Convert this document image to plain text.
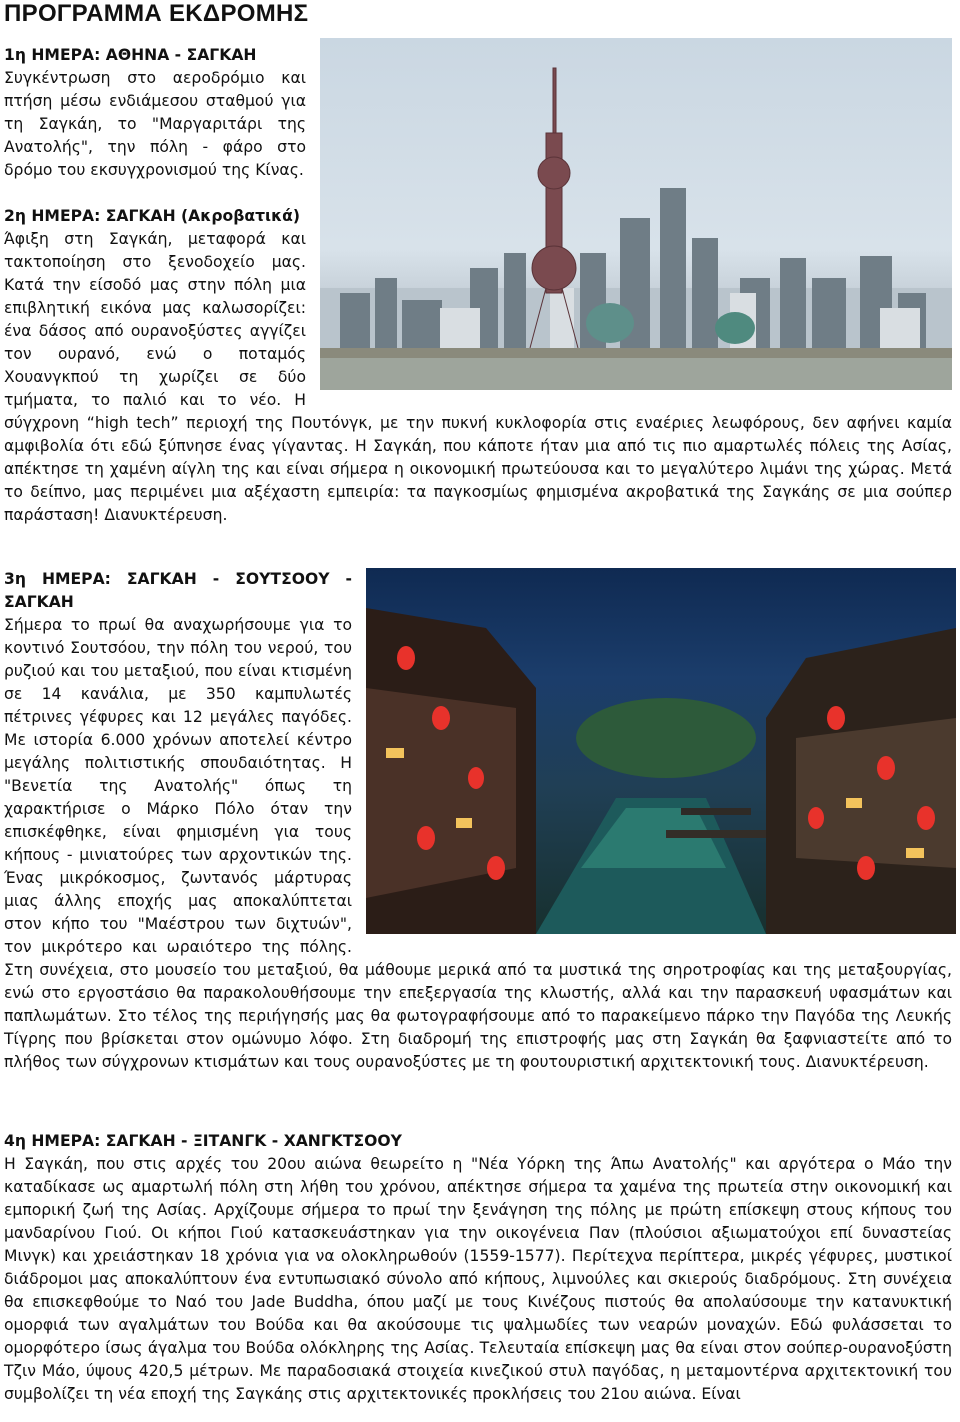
ΠΡΟΓΡΑΜΜΑ ΕΚΔΡΟΜΗΣ
1η ΗΜΕΡΑ: ΑΘΗΝΑ - ΣΑΓΚΑΗ

Συγκέντρωση στο αεροδρόμιο και πτήση μέσω ενδιάμεσου σταθμού για τη Σαγκάη, το "Μαργαριτάρι της Ανατολής", την πόλη - φάρο στο δρόμο του εκσυγχρονισμού της Κίνας.

2η ΗΜΕΡΑ: ΣΑΓΚΑΗ (Ακροβατικά)

Άφιξη στη Σαγκάη, μεταφορά και τακτοποίηση στο ξενοδοχείο μας. Κατά την είσοδό μας στην πόλη μια επιβλητική εικόνα μας καλωσορίζει: ένα δάσος από ουρανοξύστες αγγίζει τον ουρανό, ενώ ο ποταμός Χουανγκπού τη χωρίζει σε δύο τμήματα, το παλιό και το νέο. Η σύγχρονη “high tech” περιοχή της Πουτόνγκ, με την πυκνή κυκλοφορία στις εναέριες λεωφόρους, δεν αφήνει καμία αμφιβολία ότι εδώ ξύπνησε ένας γίγαντας. Η Σαγκάη, που κάποτε ήταν μια από τις πιο αμαρτωλές πόλεις της Ασίας, απέκτησε τη χαμένη αίγλη της και είναι σήμερα η οικονομική πρωτεύουσα και το μεγαλύτερο λιμάνι της χώρας. Μετά το δείπνο, μας περιμένει μια αξέχαστη εμπειρία: τα παγκοσμίως φημισμένα ακροβατικά της Σαγκάης σε μια σούπερ παράσταση! Διανυκτέρευση.

3η ΗΜΕΡΑ: ΣΑΓΚΑΗ - ΣΟΥΤΣΟΟΥ - ΣΑΓΚΑΗ

Σήμερα το πρωί θα αναχωρήσουμε για το κοντινό Σουτσόου, την πόλη του νερού, του ρυζιού και του μεταξιού, που είναι κτισμένη σε 14 κανάλια, με 350 καμπυλωτές πέτρινες γέφυρες και 12 μεγάλες παγόδες. Με ιστορία 6.000 χρόνων αποτελεί κέντρο μεγάλης πολιτιστικής σπουδαιότητας. Η "Βενετία της Ανατολής" όπως τη χαρακτήρισε ο Μάρκο Πόλο όταν την επισκέφθηκε, είναι φημισμένη για τους κήπους - μινιατούρες των αρχοντικών της. Ένας μικρόκοσμος, ζωντανός μάρτυρας μιας άλλης εποχής μας αποκαλύπτεται στον κήπο του "Μαέστρου των διχτυών", τον μικρότερο και ωραιότερο της πόλης. Στη συνέχεια, στο μουσείο του μεταξιού, θα μάθουμε μερικά από τα μυστικά της σηροτροφίας και της μεταξουργίας, ενώ στο εργοστάσιο θα παρακολουθήσουμε την επεξεργασία της κλωστής, αλλά και την παρασκευή υφασμάτων και παπλωμάτων. Στο τέλος της περιήγησής μας θα φωτογραφήσουμε από το παρακείμενο πάρκο την Παγόδα της Λευκής Τίγρης που βρίσκεται στον ομώνυμο λόφο. Στη διαδρομή της επιστροφής μας στη Σαγκάη θα ξαφνιαστείτε από το πλήθος των σύγχρονων κτισμάτων και τους ουρανοξύστες με τη φουτουριστική αρχιτεκτονική τους. Διανυκτέρευση.

4η ΗΜΕΡΑ: ΣΑΓΚΑΗ - ΞΙΤΑΝΓΚ - ΧΑΝΓΚΤΣΟΟΥ

Η Σαγκάη, που στις αρχές του 20ου αιώνα θεωρείτο η "Νέα Υόρκη της Άπω Ανατολής" και αργότερα ο Μάο την καταδίκασε ως αμαρτωλή πόλη στη λήθη του χρόνου, απέκτησε σήμερα τα χαμένα της πρωτεία στην οικονομική και εμπορική ζωή της Ασίας. Αρχίζουμε σήμερα το πρωί την ξενάγηση της πόλης με πρώτη επίσκεψη στους κήπους του μανδαρίνου Γιού. Οι κήποι Γιού κατασκευάστηκαν για την οικογένεια Παν (πλούσιοι αξιωματούχοι επί δυναστείας Μινγκ) και χρειάστηκαν 18 χρόνια για να ολοκληρωθούν (1559-1577). Περίτεχνα περίπτερα, μικρές γέφυρες, μυστικοί διάδρομοι μας αποκαλύπτουν ένα εντυπωσιακό σύνολο από κήπους, λιμνούλες και σκιερούς διαδρόμους. Στη συνέχεια θα επισκεφθούμε το Ναό του Jade Buddha, όπου μαζί με τους Κινέζους πιστούς θα απολαύσουμε την κατανυκτική ομορφιά των αγαλμάτων του Βούδα και θα ακούσουμε τις ψαλμωδίες των νεαρών μοναχών. Εδώ φυλάσσεται το ομορφότερο ίσως άγαλμα του Βούδα ολόκληρης της Ασίας. Τελευταία επίσκεψη μας θα είναι στον σούπερ-ουρανοξύστη Τζιν Μάο, ύψους 420,5 μέτρων. Με παραδοσιακά στοιχεία κινεζικού στυλ παγόδας, η μεταμοντέρνα αρχιτεκτονική του συμβολίζει τη νέα εποχή της Σαγκάης στις αρχιτεκτονικές προκλήσεις του 21ου αιώνα. Είναι
